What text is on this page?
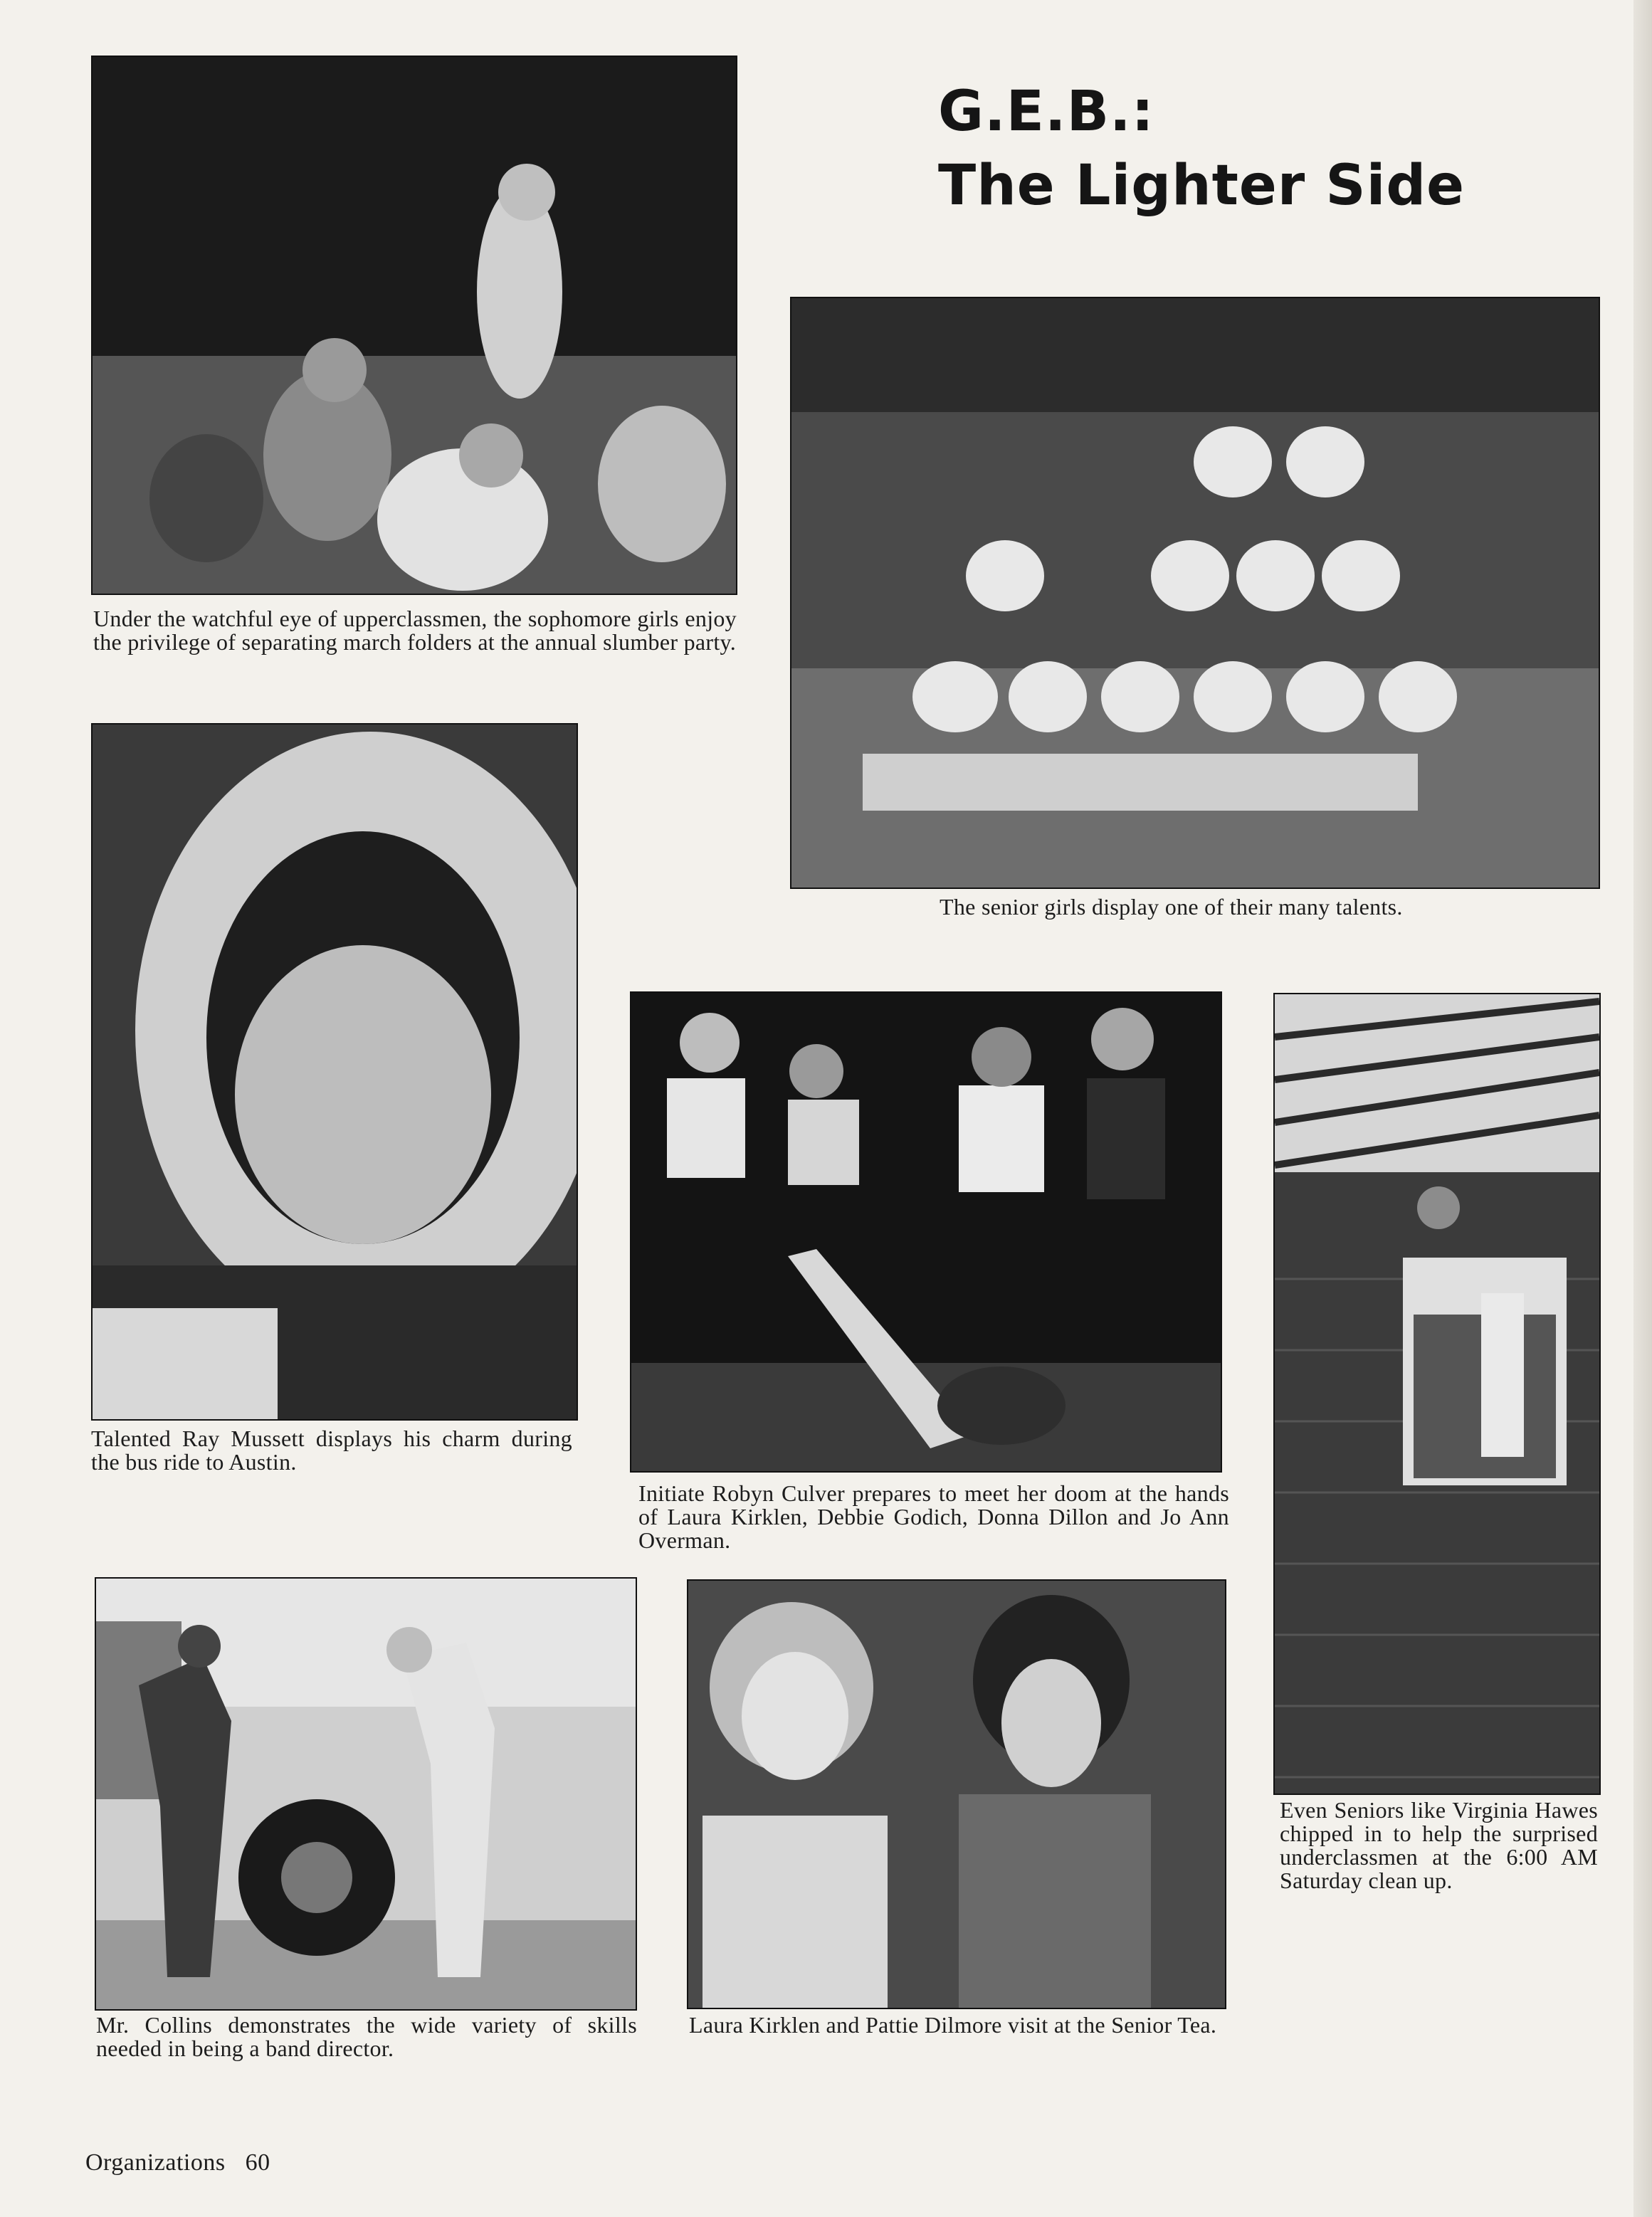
G.E.B.:
The Lighter Side
Under the watchful eye of upperclassmen, the sophomore girls enjoy the privilege of separating march folders at the annual slumber party.
The senior girls display one of their many talents.
Talented Ray Mussett displays his charm during the bus ride to Austin.
Initiate Robyn Culver prepares to meet her doom at the hands of Laura Kirklen, Debbie Godich, Donna Dillon and Jo Ann Overman.
Even Seniors like Virginia Hawes chipped in to help the surprised underclassmen at the 6:00 AM Saturday clean up.
Mr. Collins demonstrates the wide variety of skills needed in being a band director.
Laura Kirklen and Pattie Dilmore visit at the Senior Tea.
Organizations 60
